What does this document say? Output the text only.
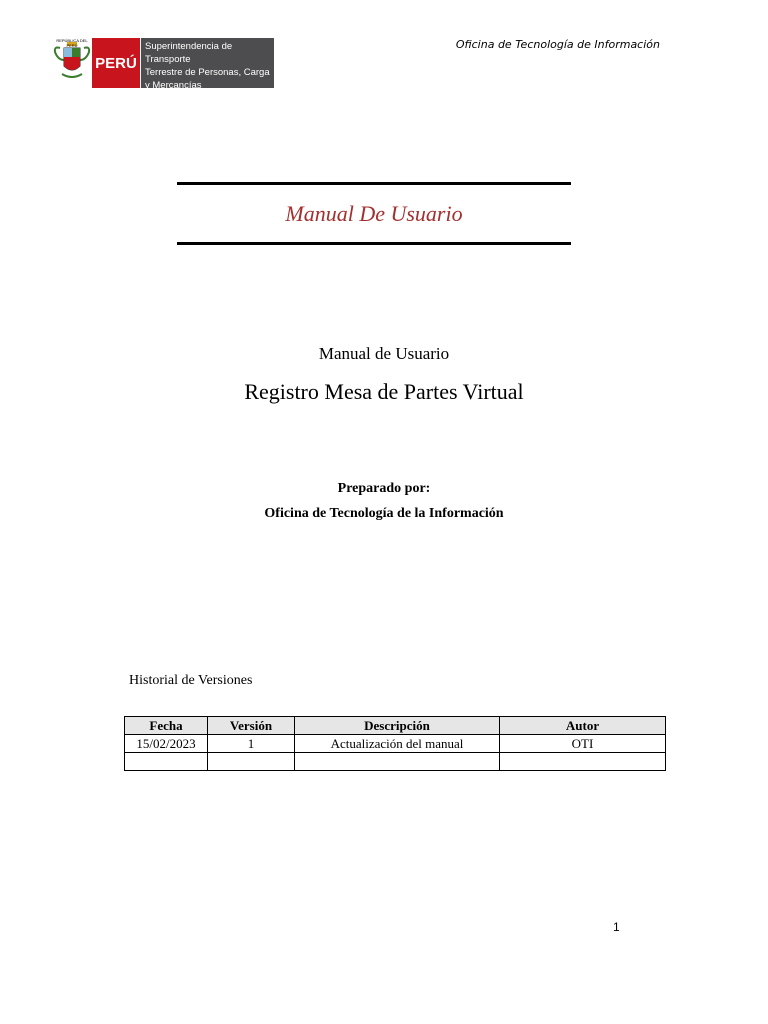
REPÚBLICA DEL PERÚ
PERÚ
Superintendencia de Transporte
Terrestre de Personas, Carga
y Mercancías
Oficina de Tecnología de Información
Manual De Usuario
Manual de Usuario
Registro Mesa de Partes Virtual
Preparado por:
Oficina de Tecnología de la Información
Historial de Versiones
Fecha	Versión	Descripción	Autor
15/02/2023	1	Actualización del manual	OTI

1
